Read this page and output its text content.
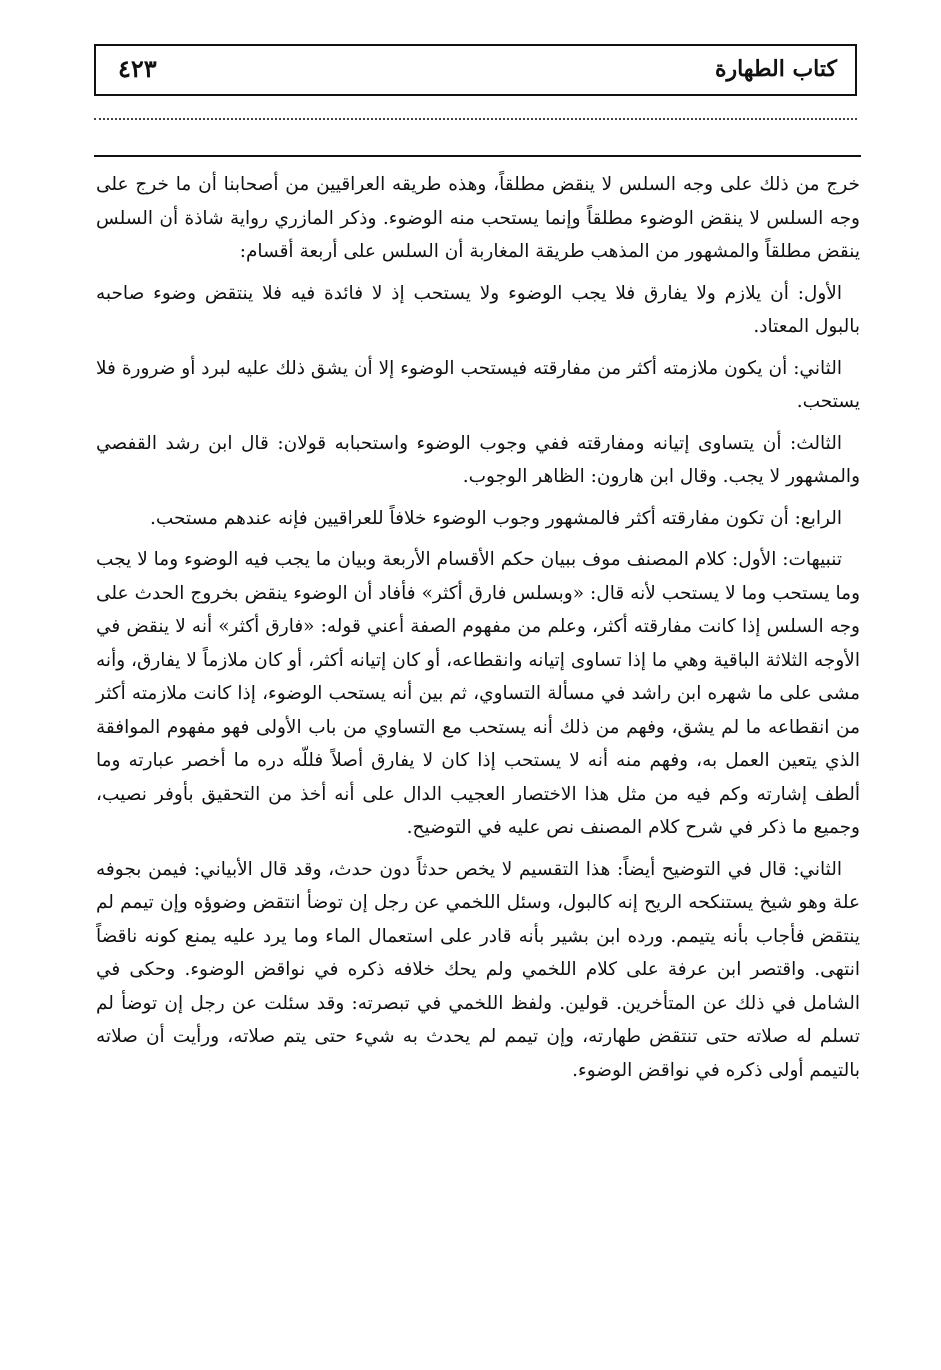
كتاب الطهارة
٤٢٣

خرج من ذلك على وجه السلس لا ينقض مطلقاً، وهذه طريقه العراقيين من أصحابنا أن ما خرج على وجه السلس لا ينقض الوضوء مطلقاً وإنما يستحب منه الوضوء. وذكر المازري رواية شاذة أن السلس ينقض مطلقاً والمشهور من المذهب طريقة المغاربة أن السلس على أربعة أقسام:

الأول: أن يلازم ولا يفارق فلا يجب الوضوء ولا يستحب إذ لا فائدة فيه فلا ينتقض وضوء صاحبه بالبول المعتاد.

الثاني: أن يكون ملازمته أكثر من مفارقته فيستحب الوضوء إلا أن يشق ذلك عليه لبرد أو ضرورة فلا يستحب.

الثالث: أن يتساوى إتيانه ومفارقته ففي وجوب الوضوء واستحبابه قولان: قال ابن رشد القفصي والمشهور لا يجب. وقال ابن هارون: الظاهر الوجوب.

الرابع: أن تكون مفارقته أكثر فالمشهور وجوب الوضوء خلافاً للعراقيين فإنه عندهم مستحب.

تنبيهات: الأول: كلام المصنف موف ببيان حكم الأقسام الأربعة وبيان ما يجب فيه الوضوء وما لا يجب وما يستحب وما لا يستحب لأنه قال: «وبسلس فارق أكثر» فأفاد أن الوضوء ينقض بخروج الحدث على وجه السلس إذا كانت مفارقته أكثر، وعلم من مفهوم الصفة أعني قوله: «فارق أكثر» أنه لا ينقض في الأوجه الثلاثة الباقية وهي ما إذا تساوى إتيانه وانقطاعه، أو كان إتيانه أكثر، أو كان ملازماً لا يفارق، وأنه مشى على ما شهره ابن راشد في مسألة التساوي، ثم بين أنه يستحب الوضوء، إذا كانت ملازمته أكثر من انقطاعه ما لم يشق، وفهم من ذلك أنه يستحب مع التساوي من باب الأولى فهو مفهوم الموافقة الذي يتعين العمل به، وفهم منه أنه لا يستحب إذا كان لا يفارق أصلاً فللّه دره ما أخصر عبارته وما ألطف إشارته وكم فيه من مثل هذا الاختصار العجيب الدال على أنه أخذ من التحقيق بأوفر نصيب، وجميع ما ذكر في شرح كلام المصنف نص عليه في التوضيح.

الثاني: قال في التوضيح أيضاً: هذا التقسيم لا يخص حدثاً دون حدث، وقد قال الأبياني: فيمن بجوفه علة وهو شيخ يستنكحه الريح إنه كالبول، وسئل اللخمي عن رجل إن توضأ انتقض وضوؤه وإن تيمم لم ينتقض فأجاب بأنه يتيمم. ورده ابن بشير بأنه قادر على استعمال الماء وما يرد عليه يمنع كونه ناقضاً انتهى. واقتصر ابن عرفة على كلام اللخمي ولم يحك خلافه ذكره في نواقض الوضوء. وحكى في الشامل في ذلك عن المتأخرين. قولين. ولفظ اللخمي في تبصرته: وقد سئلت عن رجل إن توضأ لم تسلم له صلاته حتى تنتقض طهارته، وإن تيمم لم يحدث به شيء حتى يتم صلاته، ورأيت أن صلاته بالتيمم أولى ذكره في نواقض الوضوء.
